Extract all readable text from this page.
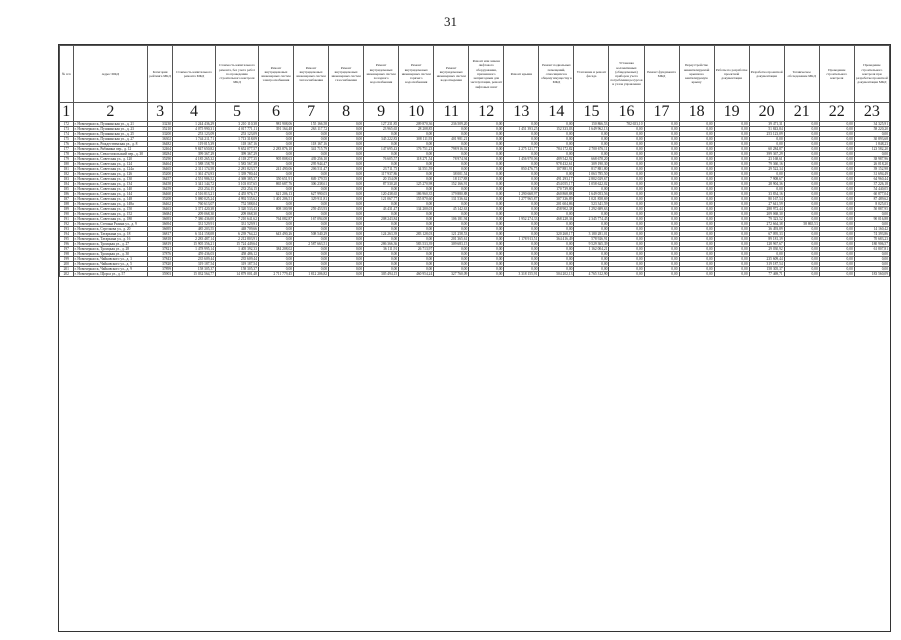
31
№ п/п	Адрес МКД	Категория рейтинга МКД	Стоимость капитального ремонта МКД	Стоимость капитального ремонта, без учета работ по проведению строительного контроля МКД	Ремонт внутридомовых инженерных систем электроснабжения	Ремонт внутридомовых инженерных систем теплоснабжения	Ремонт внутридомовых инженерных систем газоснабжения	Ремонт внутридомовых инженерных систем холодного водоснабжения	Ремонт внутридомовых инженерных систем горячего водоснабжения	Ремонт внутридомовых инженерных систем водоотведения	Ремонт или замена лифтового оборудования, признанного непригодным для эксплуатации, ремонт лифтовых шахт	Ремонт крыши	Ремонт подвальных помещений, относящихся к общему имуществу в МКД	Утепление и ремонт фасада	Установка коллективных (общедомовых) приборов учета потребления ресурсов и узлов управления	Ремонт фундамента МКД	Переустройство невентилируемой крыши на вентилируемую крышу	Работы по разработке проектной документации	Разработка проектной документации	Техническое обследование МКД	Проведение строительного контроля	Проведение строительного контроля при разработке проектной документации МКД
1	2	3	4	5	6	7	8	9	10	11	12	13	14	15	16	17	18	19	20	21	22	23
172	г. Новочеркасск, Пушкинская ул., д. 21	33230	1 244 436,29	3 210 110,38	981 908,06	155 166,58	0,00	127 231,85	209 870,36	236 509,20	0,00	0,00	0,00	150 866,53	782 653,10	0,00	0,00	0,00	39 471,31	0,00	0,00	34 325,91
173	г. Новочеркасск, Пушкинская ул., д. 23	35210	4 075 990,31	4 017 771,11	391 164,48	263 117,72	0,00	23 965,65	28 208,85	0,00	0,00	1 451 393,25	152 333,03	1 649 962,13	0,00	0,00	0,00	0,00	51 843,84	0,00	0,00	58 220,20
174	г. Новочеркасск, Пушкинская ул., д. 25	33200	253 123,09	253 123,09	0,00	0,00	0,00	0,00	0,00	0,00	0,00	0,00	0,00	0,00	0,00	0,00	0,00	0,00	253 123,09	0,00	0,00	0,00
175	г. Новочеркасск, Пушкинская ул., д. 27	36302	1 744 211,71	1 713 318,09	0,00	0,00	0,00	345 222,83	308 111,93	401 981,21	0,00	0,00	0,00	0,00	0,00	0,00	0,00	0,00	0,00	0,00	0,00	30 893,68
176	г. Новочеркасск, Рождественская ул., д. 8	36482	119 015,39	118 167,16	0,00	118 167,16	0,00	0,00	0,00	0,00	0,00	0,00	0,00	0,00	0,00	0,00	0,00	0,00	0,00	0,00	0,00	1 848,23
177	г. Новочеркасск, Рябинина пер., д. 12	32464	9 847 650,82	9 652 077,57	2 283 876,10	341 715,79	0,00	147 695,43	176 751,23	798 916,02	0,00	2 275 121,77	784 172,82	2 700 676,11	0,00	0,00	0,00	0,00	60 284,87	0,00	0,00	123 582,20
178	г. Новочеркасск, Севастопольский пер., д. 30	38284	399 367,29	399 367,29	0,00	0,00	0,00	0,00	0,00	0,00	0,00	0,00	0,00	0,00	0,00	0,00	0,00	0,00	399 367,29	0,00	0,00	0,00
179	г. Новочеркасск, Советская ул., д. 120	35290	4 185 265,32	4 118 277,35	905 808,63	439 256,10	0,00	76 605,57	118 271,54	78 974,94	0,00	1 456 970,06	489 542,92	668 678,20	0,00	0,00	0,00	0,00	23 168,61	0,00	0,00	38 987,96
180	г. Новочеркасск, Советская ул., д. 124	36464	1 588 158,78	1 583 567,38	0,00	295 944,47	0,00	0,00	0,00	0,00	0,00	0,00	978 432,61	309 190,30	0,00	0,00	0,00	0,00	79 360,16	0,00	0,00	26 018,20
181	г. Новочеркасск, Советская ул., д. 124а	36465	2 311 174,58	2 281 823,57	241 490,06	206 511,47	0,00	23 711,75	34 551,59	0,00	0,00	850 476,75	107 881,91	817 881,80	0,00	0,00	0,00	0,00	29 522,34	0,00	0,00	39 152,98
182	г. Новочеркасск, Советская ул., д. 126	35200	1 361 474,93	1 339 780,44	0,00	0,00	0,00	117 937,86	0,00	38 001,54	0,00	0,00	0,00	1 063 785,50	0,00	0,00	0,00	0,00	0,00	0,00	0,00	31 694,49
183	г. Новочеркасск, Советская ул., д. 130	36457	4 551 986,52	4 369 385,37	350 651,91	849 179,55	0,00	20 154,09	0,00	18 117,88	0,00	0,00	491 293,17	2 802 029,67	0,00	0,00	0,00	0,00	7 908,67	0,00	0,00	64 960,44
184	г. Новочеркасск, Советская ул., д. 134	36458	3 341 144,72	3 103 037,65	865 687,76	306 238,61	0,00	87 530,20	125 270,98	152 166,91	0,00	0,00	454 055,17	1 058 622,02	0,00	0,00	0,00	0,00	28 904,36	0,00	0,00	37 226,18
185	г. Новочеркасск, Советская ул., д. 140	36459	233 254,15	233 254,15	0,00	0,00	0,00	0,00	0,00	0,00	0,00	0,00	170 739,80	0,00	0,00	0,00	0,00	0,00	0,00	0,00	0,00	54 440,05
186	г. Новочеркасск, Советская ул., д. 144	36460	4 516 813,21	4 455 976,17	621 206,13	627 990,03	0,00	120 438,65	186 960,35	179 880,88	0,00	1 290 668,97	460 868,88	1 649 053,56	0,00	0,00	0,00	0,00	33 834,16	0,00	0,00	60 877,04
187	г. Новочеркасск, Советская ул., д. 148	35208	5 080 025,24	4 992 535,62	1 401 206,51	329 911,81	0,00	121 067,77	155 870,60	131 536,62	0,00	1 277 965,87	307 336,89	1 021 858,69	0,00	0,00	0,00	0,00	80 167,54	0,00	0,00	87 489,62
188	г. Новочеркасск, Советская ул., д. 148а	36462	760 613,07	752 588,04	0,00	0,00	0,00	0,00	0,00	0,00	0,00	0,00	201 604,86	523 341,59	0,00	0,00	0,00	0,00	27 641,59	0,00	0,00	8 025,03
189	г. Новочеркасск, Советская ул., д. 150	36463	3 371 420,38	3 320 533,43	808 100,98	259 453,93	0,00	43 431,47	134 200,03	45 142,63	0,00	0,00	458 902,38	1 292 689,63	0,00	0,00	0,00	0,00	288 972,44	0,00	0,00	50 887,95
190	г. Новочеркасск, Советская ул., д. 152	36684	209 068,30	209 068,30	0,00	0,00	0,00	0,00	0,00	0,00	0,00	0,00	0,00	0,00	0,00	0,00	0,00	0,00	209 068,30	0,00	0,00	0,00
191	г. Новочеркасск, Советская ул., д. 180	36693	7 386 436,00	7 210 641,62	764 082,87	167 094,08	0,00	208 243,84	0,00	106 181,94	0,00	1 952 274,33	468 228,36	2 345 774,45	0,00	0,00	0,00	0,00	79 323,52	0,00	0,00	90 016,88
192	г. Новочеркасск, Степана Разина ул., д. 9	36694	331 529,91	331 529,91	0,00	0,00	0,00	0,00	0,00	0,00	0,00	0,00	0,00	0,00	0,00	0,00	0,00	0,00	272 664,38	58 865,53	0,00	0,00
193	г. Новочеркасск, Стрелкова ул., д. 20	36695	485 203,55	448 709,66	0,00	0,00	0,00	0,00	0,00	0,00	0,00	0,00	0,00	0,00	0,00	0,00	0,00	0,00	36 493,89	0,00	0,00	14 160,42
194	г. Новочеркасск, Татаркина ул., д. 18	36817	6 314 158,08	6 239 764,22	643 490,26	508 540,29	0,00	124 263,39	283 128,03	121 258,53	0,00	0,00	320 268,17	3 180 281,01	0,00	0,00	0,00	0,00	67 095,33	0,00	0,00	74 393,86
195	г. Новочеркасск, Татаркина ул., д. 16	36818	2 283 487,14	2 212 803,91	0,00	0,00	0,00	0,00	0,00	201 365,61	0,00	1 178 913,51	364 416,49	578 926,91	0,00	0,00	0,00	0,00	89 181,39	0,00	0,00	70 683,23
196	г. Новочеркасск, Троицкая ул., д. 27	36819	15 905 356,21	15 724 449,64	0,00	2 587 663,51	0,00	286 366,36	583 533,39	309 683,15	0,00	0,00	0,00	9 529 365,39	0,00	0,00	0,00	0,00	128 967,67	0,00	0,00	180 906,57
197	г. Новочеркасск, Троицкая ул., д. 28	37821	1 478 995,14	1 405 392,33	384 208,02	0,00	0,00	36 111,91	26 713,97	0,00	0,00	0,00	0,00	1 162 004,21	0,00	0,00	0,00	0,00	29 030,92	0,00	0,00	61 807,81
198	г. Новочеркасск, Троицкая ул., д. 30	37876	459 436,03	458 486,12	0,00	0,00	0,00	0,00	0,00	0,00	0,00	0,00	0,00	0,00	0,00	0,00	0,00	0,00	0,00	0,00	0,00	0,00
199	г. Новочеркасск, Чайковского ул., д. 3	37843	235 609,44	235 609,44	0,00	0,00	0,00	0,00	0,00	0,00	0,00	0,00	0,00	0,00	0,00	0,00	0,00	0,00	235 609,44	0,00	0,00	0,00
200	г. Новочеркасск, Чайковского ул., д. 5	37820	319 187,54	319 187,54	0,00	0,00	0,00	0,00	0,00	0,00	0,00	0,00	0,00	0,00	0,00	0,00	0,00	0,00	319 187,54	0,00	0,00	0,00
201	г. Новочеркасск, Чайковского ул., д. 9	37899	158 305,37	158 305,37	0,00	0,00	0,00	0,00	0,00	0,00	0,00	0,00	0,00	0,00	0,00	0,00	0,00	0,00	158 305,37	0,00	0,00	0,00
202	г. Новочеркасск, Щорса ул., д. 57	35903	15 032 564,77	14 879 001,48	2 711 779,45	1 812 206,82	0,00	305 494,15	460 954,24	327 760,09	0,00	3 318 155,91	504 202,13	4 765 312,90	0,00	0,00	0,00	0,00	77 469,71	0,00	0,00	183 560,09
